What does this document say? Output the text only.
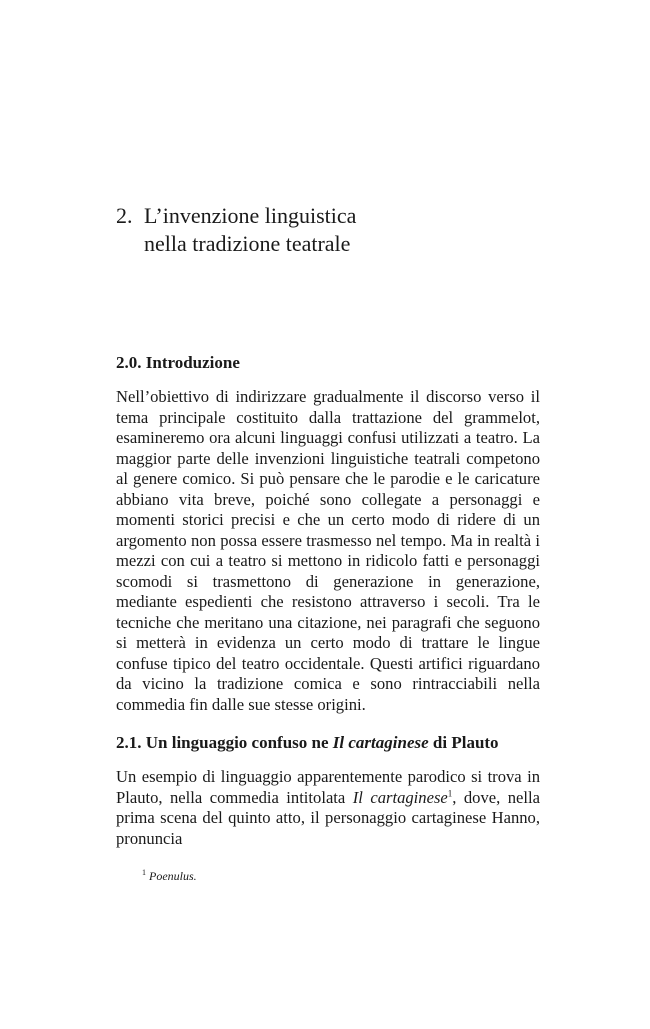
2. L’invenzione linguistica
nella tradizione teatrale
2.0. Introduzione

Nell’obiettivo di indirizzare gradualmente il discorso verso il tema principale costituito dalla trattazione del grammelot, esamineremo ora alcuni linguaggi confusi utilizzati a teatro. La maggior parte delle invenzioni linguistiche teatrali competono al genere comico. Si può pensare che le parodie e le caricature abbiano vita breve, poiché sono collegate a personaggi e momenti storici precisi e che un certo modo di ridere di un argomento non possa essere trasmesso nel tempo. Ma in realtà i mezzi con cui a teatro si mettono in ridicolo fatti e personaggi scomodi si trasmettono di generazione in generazione, mediante espedienti che resistono attraverso i secoli. Tra le tecniche che meritano una citazione, nei paragrafi che seguono si metterà in evidenza un certo modo di trattare le lingue confuse tipico del teatro occidentale. Questi artifici riguardano da vicino la tradizione comica e sono rintracciabili nella commedia fin dalle sue stesse origini.

2.1. Un linguaggio confuso ne Il cartaginese di Plauto

Un esempio di linguaggio apparentemente parodico si trova in Plauto, nella commedia intitolata Il cartaginese$^1$, dove, nella prima scena del quinto atto, il personaggio cartaginese Hanno, pronuncia

$^1$ Poenulus.
